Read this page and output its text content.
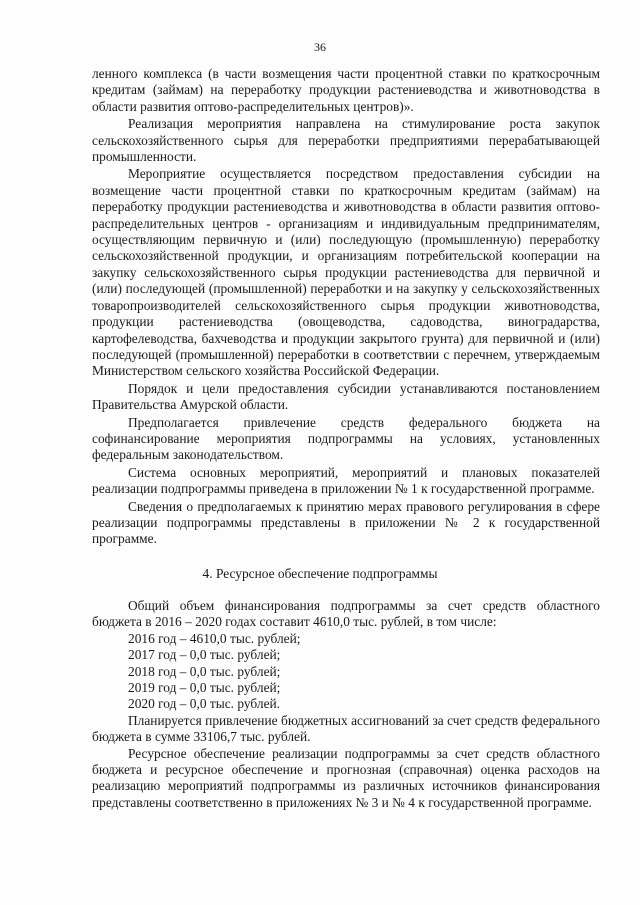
36

ленного комплекса (в части возмещения части процентной ставки по краткосрочным кредитам (займам) на переработку продукции растениеводства и животноводства в области развития оптово-распределительных центров)».

Реализация мероприятия направлена на стимулирование роста закупок сельскохозяйственного сырья для переработки предприятиями перерабатывающей промышленности.

Мероприятие осуществляется посредством предоставления субсидии на возмещение части процентной ставки по краткосрочным кредитам (займам) на переработку продукции растениеводства и животноводства в области развития оптово-распределительных центров - организациям и индивидуальным предпринимателям, осуществляющим первичную и (или) последующую (промышленную) переработку сельскохозяйственной продукции, и организациям потребительской кооперации на закупку сельскохозяйственного сырья продукции растениеводства для первичной и (или) последующей (промышленной) переработки и на закупку у сельскохозяйственных товаропроизводителей сельскохозяйственного сырья продукции животноводства, продукции растениеводства (овощеводства, садоводства, виноградарства, картофелеводства, бахчеводства и продукции закрытого грунта) для первичной и (или) последующей (промышленной) переработки в соответствии с перечнем, утверждаемым Министерством сельского хозяйства Российской Федерации.

Порядок и цели предоставления субсидии устанавливаются постановлением Правительства Амурской области.

Предполагается привлечение средств федерального бюджета на софинансирование мероприятия подпрограммы на условиях, установленных федеральным законодательством.

Система основных мероприятий, мероприятий и плановых показателей реализации подпрограммы приведена в приложении № 1 к государственной программе.

Сведения о предполагаемых к принятию мерах правового регулирования в сфере реализации подпрограммы представлены в приложении № 2 к государственной программе.

4. Ресурсное обеспечение подпрограммы

Общий объем финансирования подпрограммы за счет средств областного бюджета в 2016 – 2020 годах составит 4610,0 тыс. рублей, в том числе:

2016 год – 4610,0 тыс. рублей;
2017 год – 0,0 тыс. рублей;
2018 год – 0,0 тыс. рублей;
2019 год – 0,0 тыс. рублей;
2020 год – 0,0 тыс. рублей.

Планируется привлечение бюджетных ассигнований за счет средств федерального бюджета в сумме 33106,7 тыс. рублей.

Ресурсное обеспечение реализации подпрограммы за счет средств областного бюджета и ресурсное обеспечение и прогнозная (справочная) оценка расходов на реализацию мероприятий подпрограммы из различных источников финансирования представлены соответственно в приложениях № 3 и № 4 к государственной программе.
